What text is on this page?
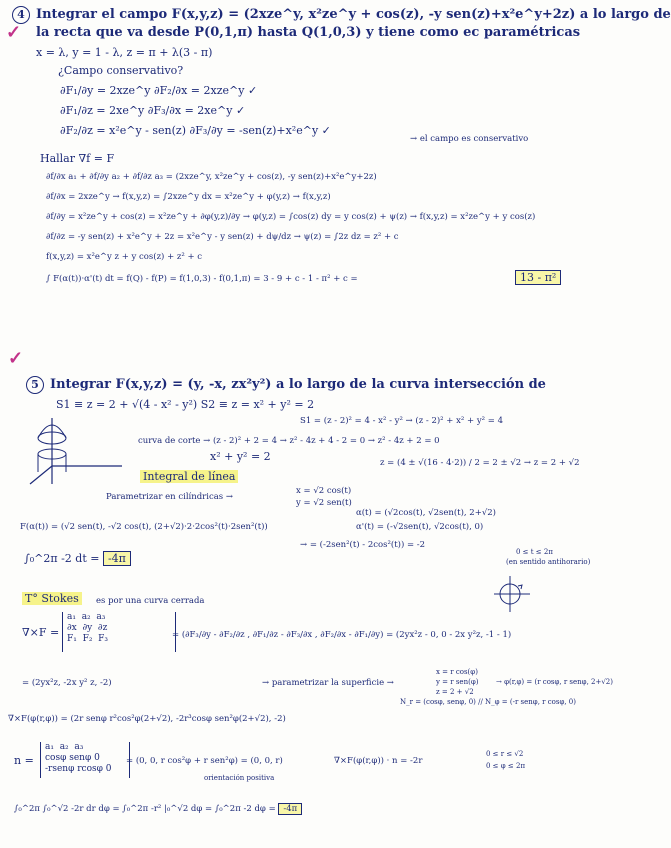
✓
4 Integrar el campo F(x,y,z) = (2xze^y, x²ze^y + cos(z), -y sen(z)+x²e^y+2z) a lo largo de
la recta que va desde P(0,1,π) hasta Q(1,0,3) y tiene como ec paramétricas
x = λ, y = 1 - λ, z = π + λ(3 - π)
¿Campo conservativo?
∂F₁/∂y = 2xze^y ∂F₂/∂x = 2xze^y ✓
∂F₁/∂z = 2xe^y ∂F₃/∂x = 2xe^y ✓
∂F₂/∂z = x²e^y - sen(z) ∂F₃/∂y = -sen(z)+x²e^y ✓
→ el campo es conservativo
Hallar ∇f = F
∂f/∂x a₁ + ∂f/∂y a₂ + ∂f/∂z a₃ = (2xze^y, x²ze^y + cos(z), -y sen(z)+x²e^y+2z)
∂f/∂x = 2xze^y → f(x,y,z) = ∫2xze^y dx = x²ze^y + φ(y,z) → f(x,y,z)
∂f/∂y = x²ze^y + cos(z) = x²ze^y + ∂φ(y,z)/∂y → φ(y,z) = ∫cos(z) dy = y cos(z) + ψ(z) → f(x,y,z) = x²ze^y + y cos(z)
∂f/∂z = -y sen(z) + x²e^y + 2z = x²e^y - y sen(z) + dψ/dz → ψ(z) = ∫2z dz = z² + c
f(x,y,z) = x²e^y z + y cos(z) + z² + c
∫ F(α(t))·α'(t) dt = f(Q) - f(P) = f(1,0,3) - f(0,1,π) = 3 - 9 + c - 1 - π² + c =	13 - π²
✓
5 Integrar F(x,y,z) = (y, -x, zx²y²) a lo largo de la curva intersección de
S1 ≡ z = 2 + √(4 - x² - y²) S2 ≡ z = x² + y² = 2
S1 = (z - 2)² = 4 - x² - y² → (z - 2)² + x² + y² = 4
curva de corte → (z - 2)² + 2 = 4 → z² - 4z + 4 - 2 = 0 → z² - 4z + 2 = 0
x² + y² = 2	z = (4 ± √(16 - 4·2)) / 2 = 2 ± √2 → z = 2 + √2
Integral de línea
Parametrizar en cilíndricas →
x = √2 cos(t)
y = √2 sen(t)
α(t) = (√2cos(t), √2sen(t), 2+√2)
α'(t) = (-√2sen(t), √2cos(t), 0)
F(α(t)) = (√2 sen(t), -√2 cos(t), (2+√2)·2·2cos²(t)·2sen²(t))
→ = (-2sen²(t) - 2cos²(t)) = -2
0 ≤ t ≤ 2π
(en sentido antihorario)
∫₀^2π -2 dt = -4π
T° Stokes	es por una curva cerrada
∇×F =
a₁  a₂  a₃
∂x  ∂y  ∂z
F₁  F₂  F₃	= (∂F₃/∂y - ∂F₂/∂z , ∂F₁/∂z - ∂F₃/∂x , ∂F₂/∂x - ∂F₁/∂y) = (2yx²z - 0, 0 - 2x y²z, -1 - 1)
= (2yx²z, -2x y² z, -2)	→ parametrizar la superficie →
x = r cos(φ)
y = r sen(φ)
z = 2 + √2
→ φ(r,φ) = (r cosφ, r senφ, 2+√2)
N_r = (cosφ, senφ, 0) // N_φ = (-r senφ, r cosφ, 0)
∇×F(φ(r,φ)) = (2r senφ r²cos²φ(2+√2), -2r³cosφ sen²φ(2+√2), -2)
n =
a₁  a₂  a₃
cosφ senφ 0
-rsenφ rcosφ 0
= (0, 0, r cos²φ + r sen²φ) = (0, 0, r)
orientación positiva
∇×F(φ(r,φ)) · n = -2r
0 ≤ r ≤ √2
0 ≤ φ ≤ 2π
∫₀^2π ∫₀^√2 -2r dr dφ = ∫₀^2π -r² |₀^√2 dφ = ∫₀^2π -2 dφ = -4π
